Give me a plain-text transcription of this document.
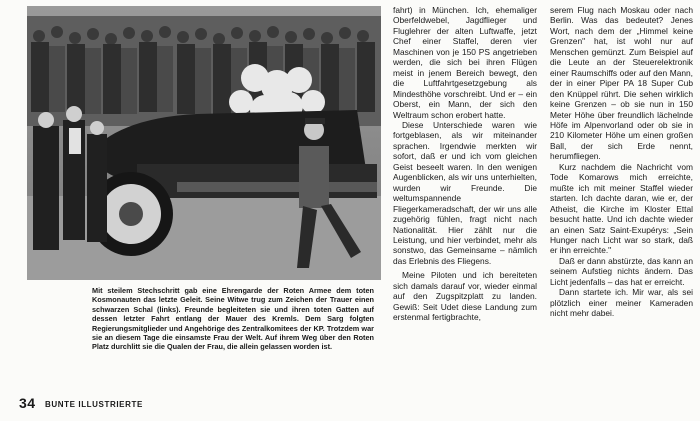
Mit steilem Stechschritt gab eine Ehrengarde der Roten Armee dem toten Kosmonauten das letzte Geleit. Seine Witwe trug zum Zeichen der Trauer einen schwarzen Schal (links). Freunde begleiteten sie und ihren toten Gatten auf dessen letzter Fahrt entlang der Mauer des Kremls. Dem Sarg folgten Regierungsmitglieder und Angehörige des Zentralkomitees der KP. Trotzdem war sie an diesem Tage die einsamste Frau der Welt. Auf ihrem Weg über den Roten Platz durchlitt sie die Qualen der Frau, die allein gelassen worden ist.

fahrt) in München. Ich, ehemaliger Oberfeldwebel, Jagdflieger und Fluglehrer der alten Luftwaffe, jetzt Chef einer Staffel, deren vier Maschinen von je 150 PS angetrieben werden, die sich bei ihren Flügen meist in jenem Bereich bewegt, den die Luftfahrtgesetzgebung als Mindesthöhe vorschreibt. Und er – ein Oberst, ein Mann, der sich den Weltraum schon erobert hatte.

Diese Unterschiede waren wie fortgeblasen, als wir miteinander sprachen. Irgendwie merkten wir sofort, daß er und ich vom gleichen Geist beseelt waren. In den wenigen Augenblicken, als wir uns unterhielten, wurden wir Freunde. Die weltumspannende Fliegerkameradschaft, der wir uns alle zugehörig fühlen, fragt nicht nach Nationalität. Hier zählt nur die Leistung, und hier verbindet, mehr als sonstwo, das Gemeinsame – nämlich das Erlebnis des Fliegens.

Meine Piloten und ich bereiteten sich damals darauf vor, wieder einmal auf den Zugspitzplatt zu landen. Gewiß: Seit Udet diese Landung zum erstenmal fertigbrachte,

serem Flug nach Moskau oder nach Berlin. Was das bedeutet? Jenes Wort, nach dem der „Himmel keine Grenzen" hat, ist wohl nur auf Menschen gemünzt. Zum Beispiel auf die Leute an der Steuerelektronik einer Raumschiffs oder auf den Mann, der in einer Piper PA 18 Super Cub den Knüppel rührt. Die sehen wirklich keine Grenzen – ob sie nun in 150 Meter Höhe über freundlich lächelnde Höfe im Alpenvorland oder ob sie in 210 Kilometer Höhe um einen großen Ball, der sich Erde nennt, herumfliegen.

Kurz nachdem die Nachricht vom Tode Komarows mich erreichte, mußte ich mit meiner Staffel wieder starten. Ich dachte daran, wie er, der Atheist, die Kirche im Kloster Ettal besucht hatte. Und ich dachte wieder an einen Satz Saint-Exupérys: „Sein Hunger nach Licht war so stark, daß er ihn erreichte."

Daß er dann abstürzte, das kann an seinem Aufstieg nichts ändern. Das Licht jedenfalls – das hat er erreicht.

Dann startete ich. Mir war, als sei plötzlich einer meiner Kameraden nicht mehr dabei.

34 BUNTE ILLUSTRIERTE
